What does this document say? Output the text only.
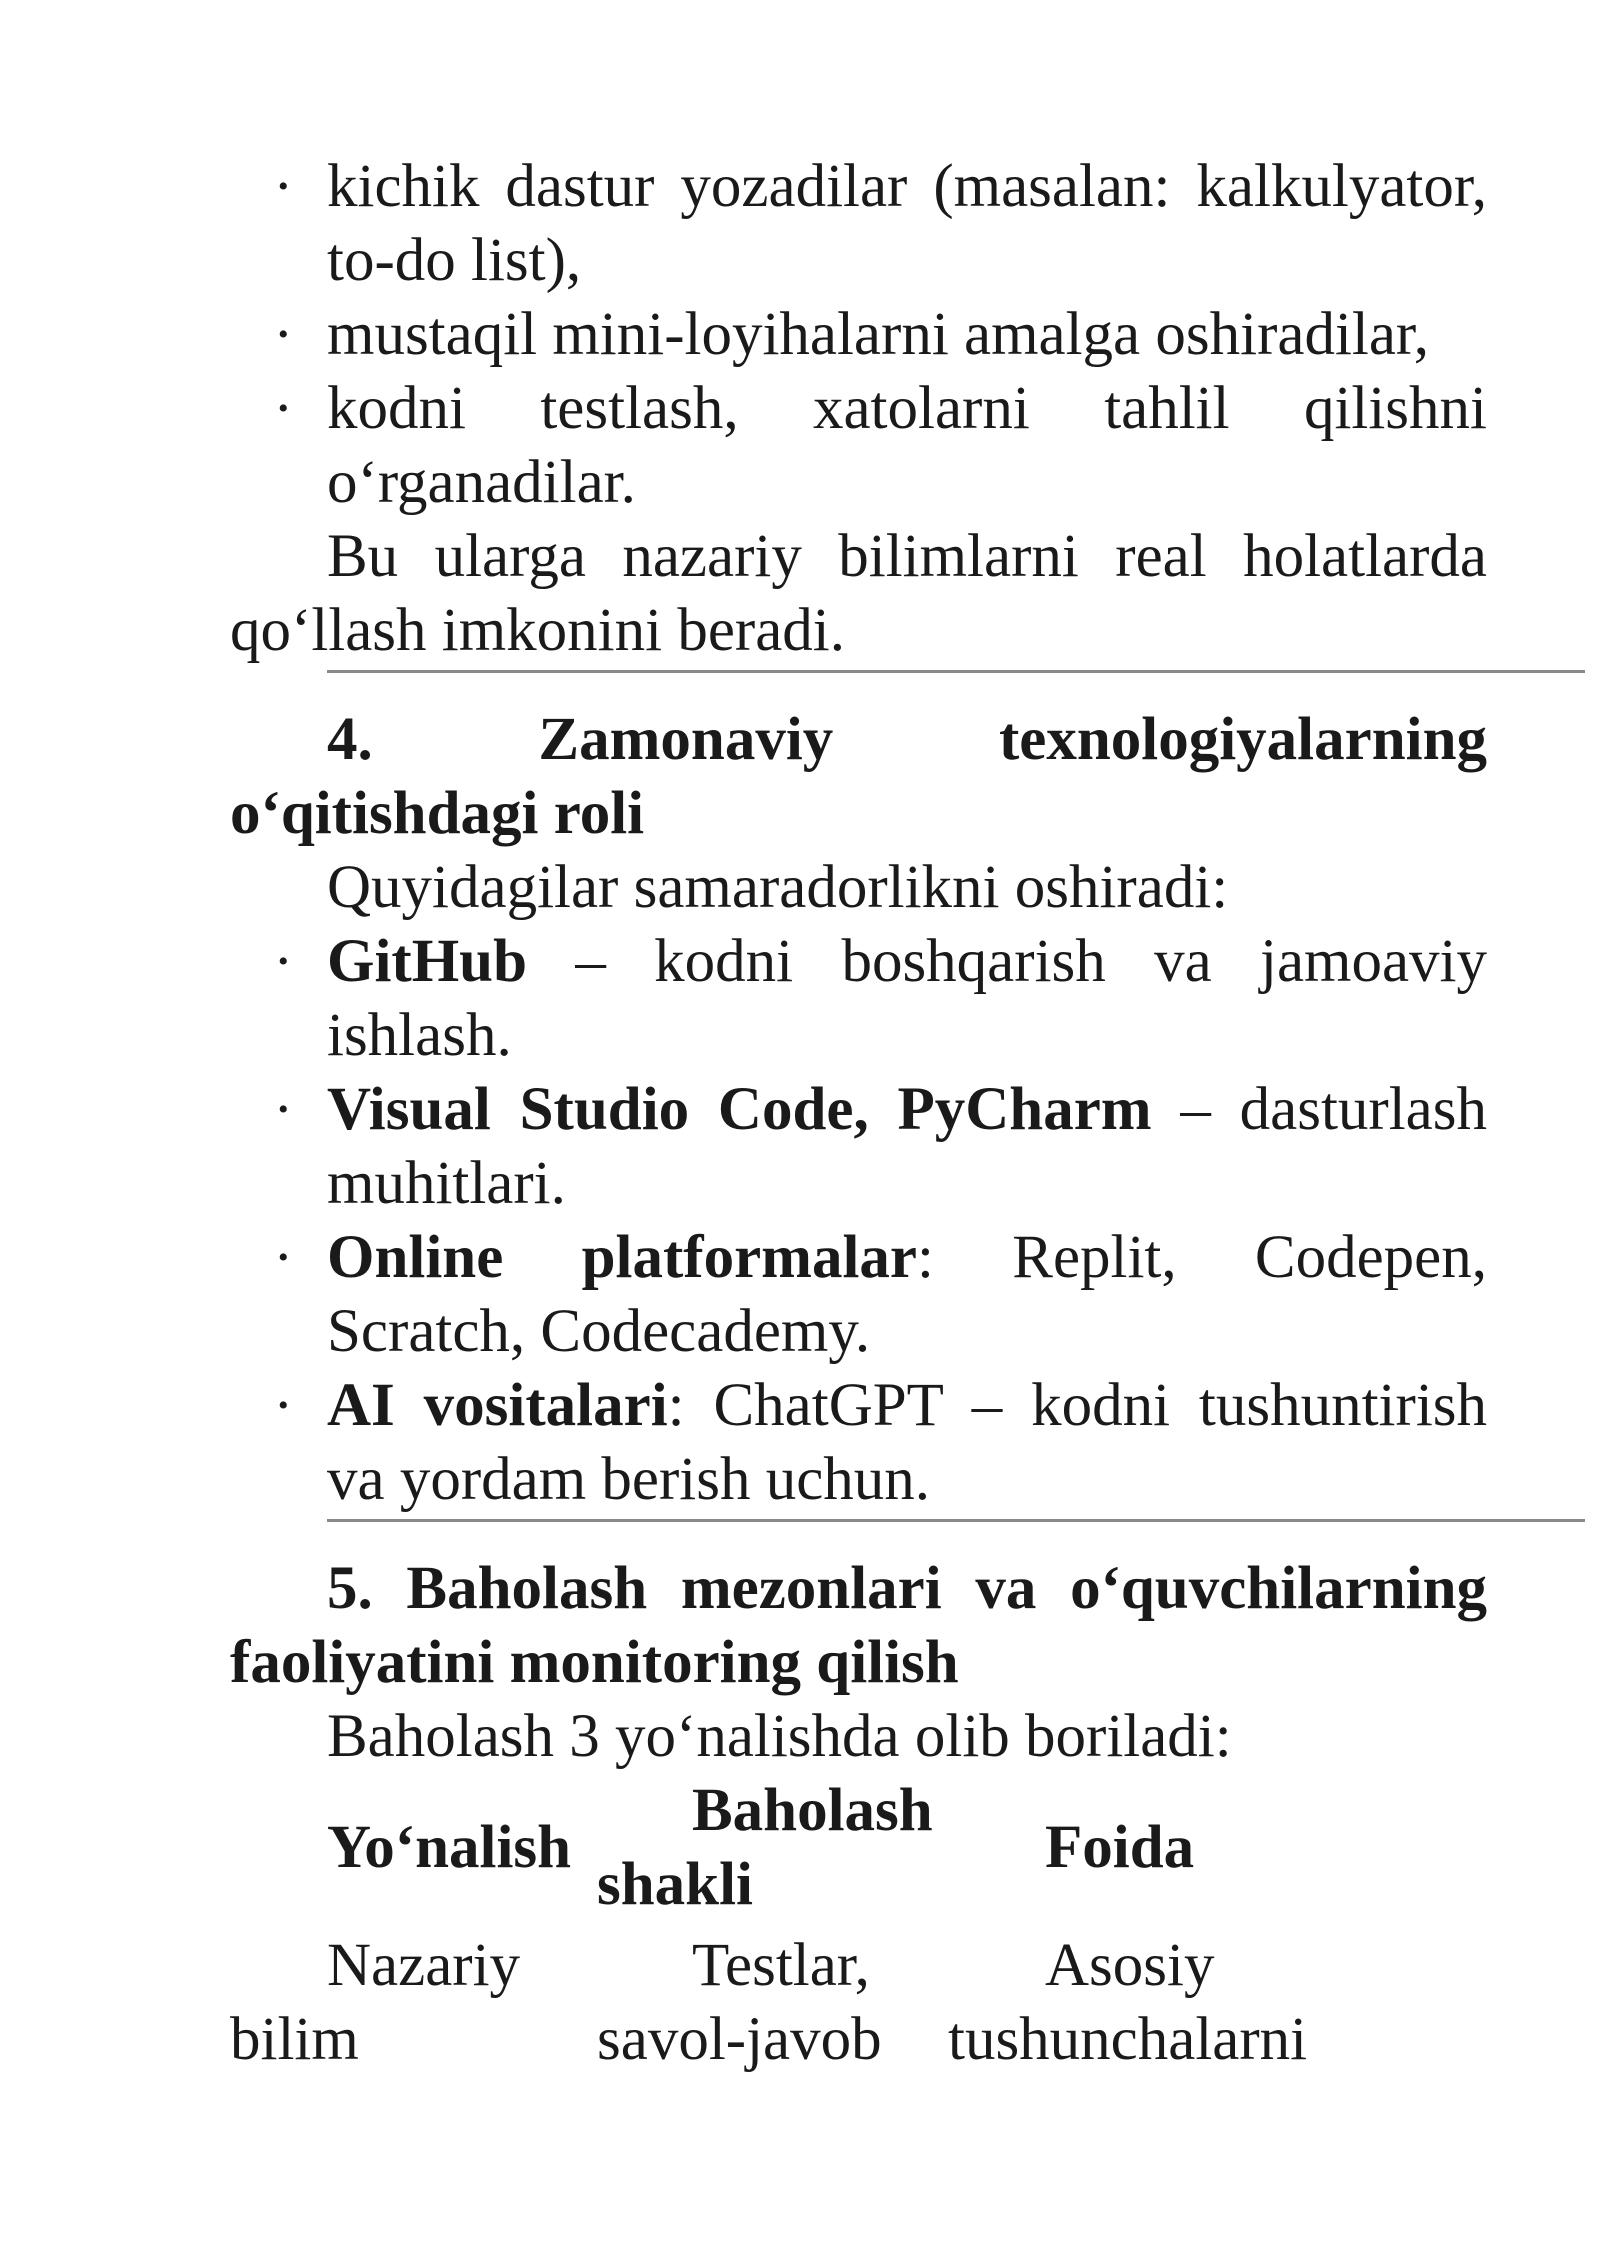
• kichik dastur yozadilar (masalan: kalkulyator, to-do list),
• mustaqil mini-loyihalarni amalga oshiradilar,
• kodni testlash, xatolarni tahlil qilishni o‘rganadilar.

Bu ularga nazariy bilimlarni real holatlarda qo‘llash imkonini beradi.

4. Zamonaviy texnologiyalarning o‘qitishdagi roli

Quyidagilar samaradorlikni oshiradi:

• GitHub – kodni boshqarish va jamoaviy ishlash.
• Visual Studio Code, PyCharm – dasturlash muhitlari.
• Online platformalar: Replit, Codepen, Scratch, Codecademy.
• AI vositalari: ChatGPT – kodni tushuntirish va yordam berish uchun.

5. Baholash mezonlari va o‘quvchilarning faoliyatini monitoring qilish

Baholash 3 yo‘nalishda olib boriladi:

Yo‘nalish
Baholash
shakli
Foida
Nazariy
bilim
Testlar,
savol-javob
Asosiy
tushunchalarni
